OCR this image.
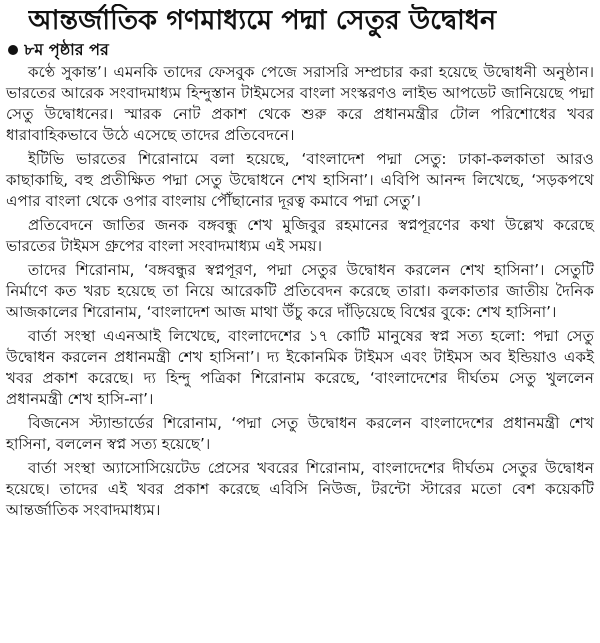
আন্তর্জাতিক গণমাধ্যমে পদ্মা সেতুর উদ্বোধন
৮ম পৃষ্ঠার পর

কণ্ঠে সুকান্ত’। এমনকি তাদের ফেসবুক পেজে সরাসরি সম্প্রচার করা হয়েছে উদ্বোধনী অনুষ্ঠান। ভারতের আরেক সংবাদমাধ্যম হিন্দুস্তান টাইমসের বাংলা সংস্করণও লাইভ আপডেট জানিয়েছে পদ্মা সেতু উদ্বোধনের। স্মারক নোট প্রকাশ থেকে শুরু করে প্রধানমন্ত্রীর টোল পরিশোধের খবর ধারাবাহিকভাবে উঠে এসেছে তাদের প্রতিবেদনে।

ইটিভি ভারতের শিরোনামে বলা হয়েছে, ‘বাংলাদেশ পদ্মা সেতু: ঢাকা-কলকাতা আরও কাছাকাছি, বহু প্রতীক্ষিত পদ্মা সেতু উদ্বোধনে শেখ হাসিনা’। এবিপি আনন্দ লিখেছে, ‘সড়কপথে এপার বাংলা থেকে ওপার বাংলায় পৌঁছানোর দূরত্ব কমাবে পদ্মা সেতু’।

প্রতিবেদনে জাতির জনক বঙ্গবন্ধু শেখ মুজিবুর রহমানের স্বপ্নপূরণের কথা উল্লেখ করেছে ভারতের টাইমস গ্রুপের বাংলা সংবাদমাধ্যম এই সময়।

তাদের শিরোনাম, ‘বঙ্গবন্ধুর স্বপ্নপূরণ, পদ্মা সেতুর উদ্বোধন করলেন শেখ হাসিনা’। সেতুটি নির্মাণে কত খরচ হয়েছে তা নিয়ে আরেকটি প্রতিবেদন করেছে তারা। কলকাতার জাতীয় দৈনিক আজকালের শিরোনাম, ‘বাংলাদেশ আজ মাথা উঁচু করে দাঁড়িয়েছে বিশ্বের বুকে: শেখ হাসিনা’।

বার্তা সংস্থা এএনআই লিখেছে, বাংলাদেশের ১৭ কোটি মানুষের স্বপ্ন সত্য হলো: পদ্মা সেতু উদ্বোধন করলেন প্রধানমন্ত্রী শেখ হাসিনা’। দ্য ইকোনমিক টাইমস এবং টাইমস অব ইন্ডিয়াও একই খবর প্রকাশ করেছে। দ্য হিন্দু পত্রিকা শিরোনাম করেছে, ‘বাংলাদেশের দীর্ঘতম সেতু খুললেন প্রধানমন্ত্রী শেখ হাসি-না’।

বিজনেস স্ট্যান্ডার্ডের শিরোনাম, ‘পদ্মা সেতু উদ্বোধন করলেন বাংলাদেশের প্রধানমন্ত্রী শেখ হাসিনা, বললেন স্বপ্ন সত্য হয়েছে’।

বার্তা সংস্থা অ্যাসোসিয়েটেড প্রেসের খবরের শিরোনাম, বাংলাদেশের দীর্ঘতম সেতুর উদ্বোধন হয়েছে। তাদের এই খবর প্রকাশ করেছে এবিসি নিউজ, টরন্টো স্টারের মতো বেশ কয়েকটি আন্তর্জাতিক সংবাদমাধ্যম।
